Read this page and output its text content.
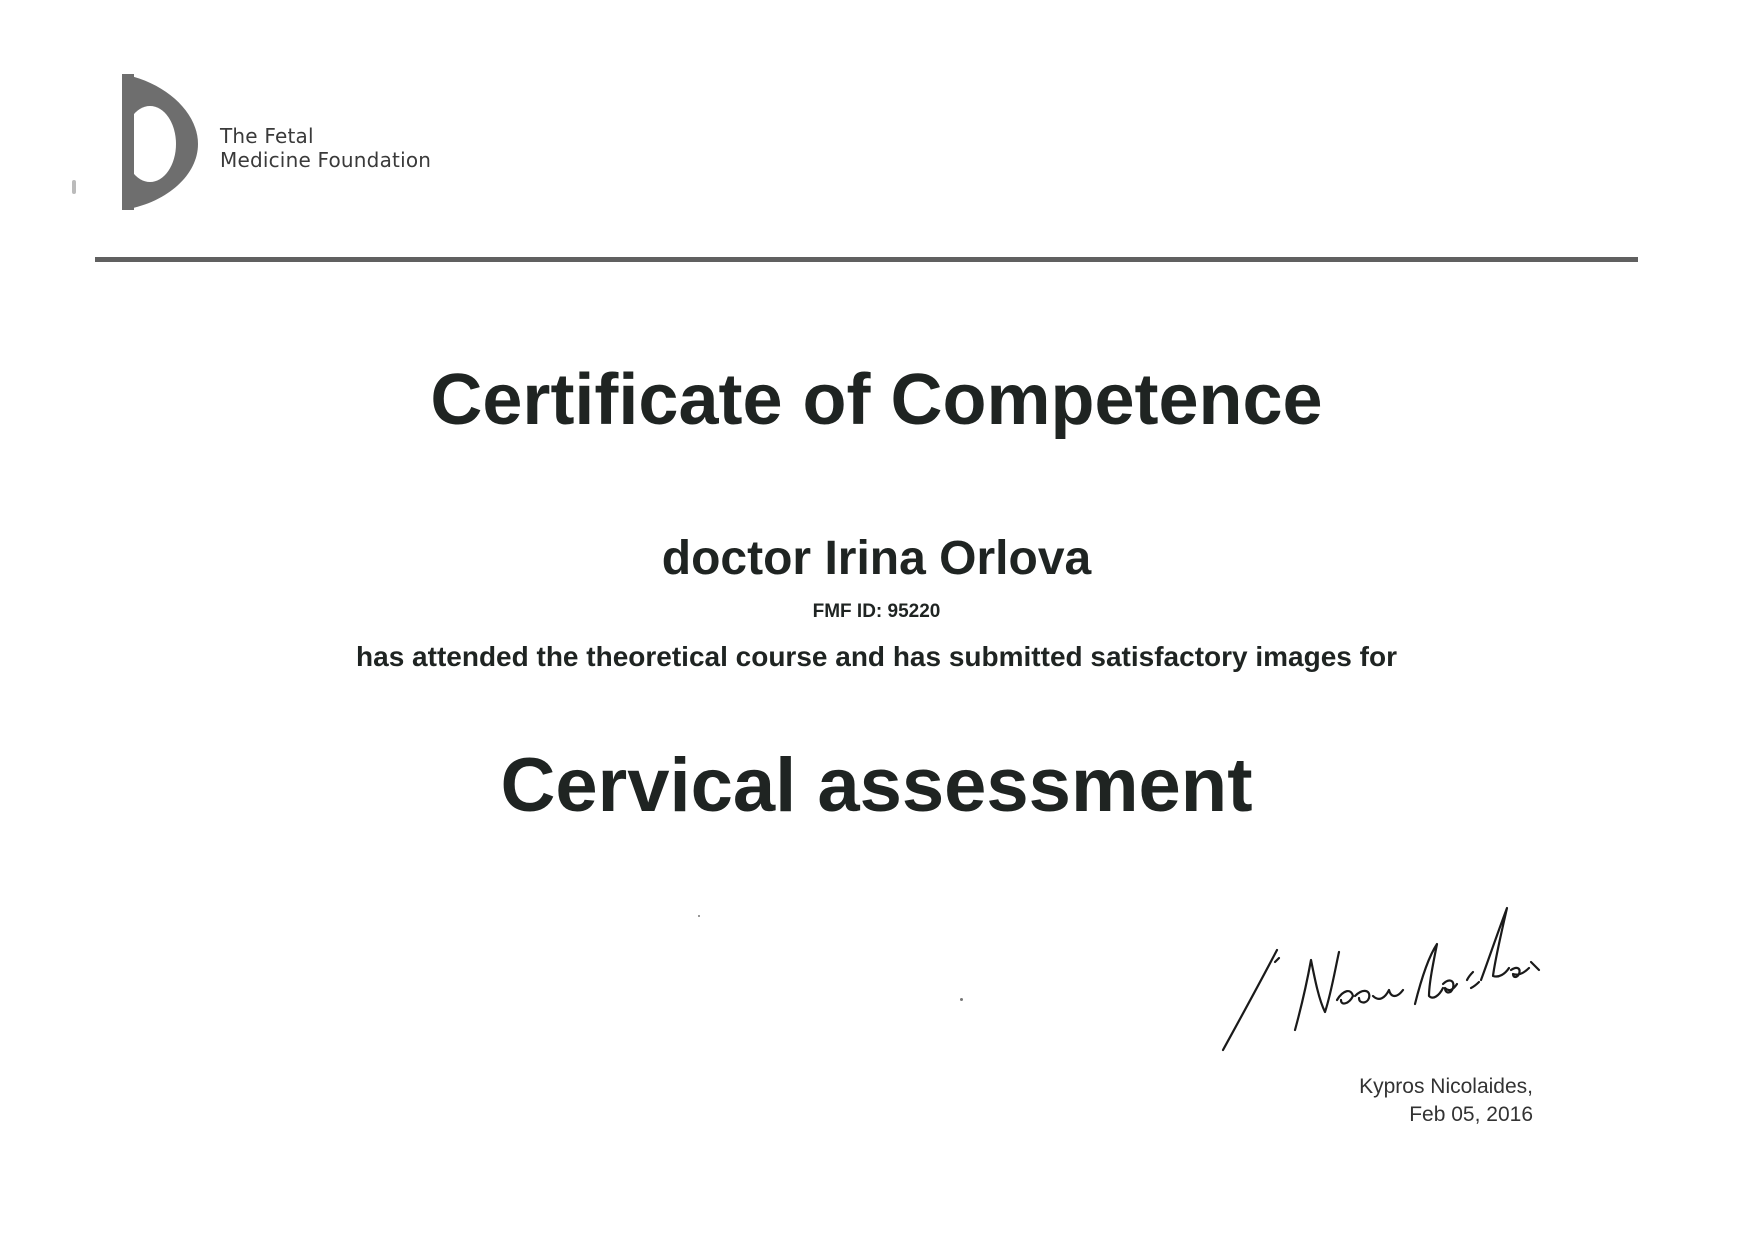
The Fetal
Medicine Foundation
Certificate of Competence
doctor Irina Orlova
FMF ID: 95220
has attended the theoretical course and has submitted satisfactory images for
Cervical assessment
Kypros Nicolaides,
Feb 05, 2016
